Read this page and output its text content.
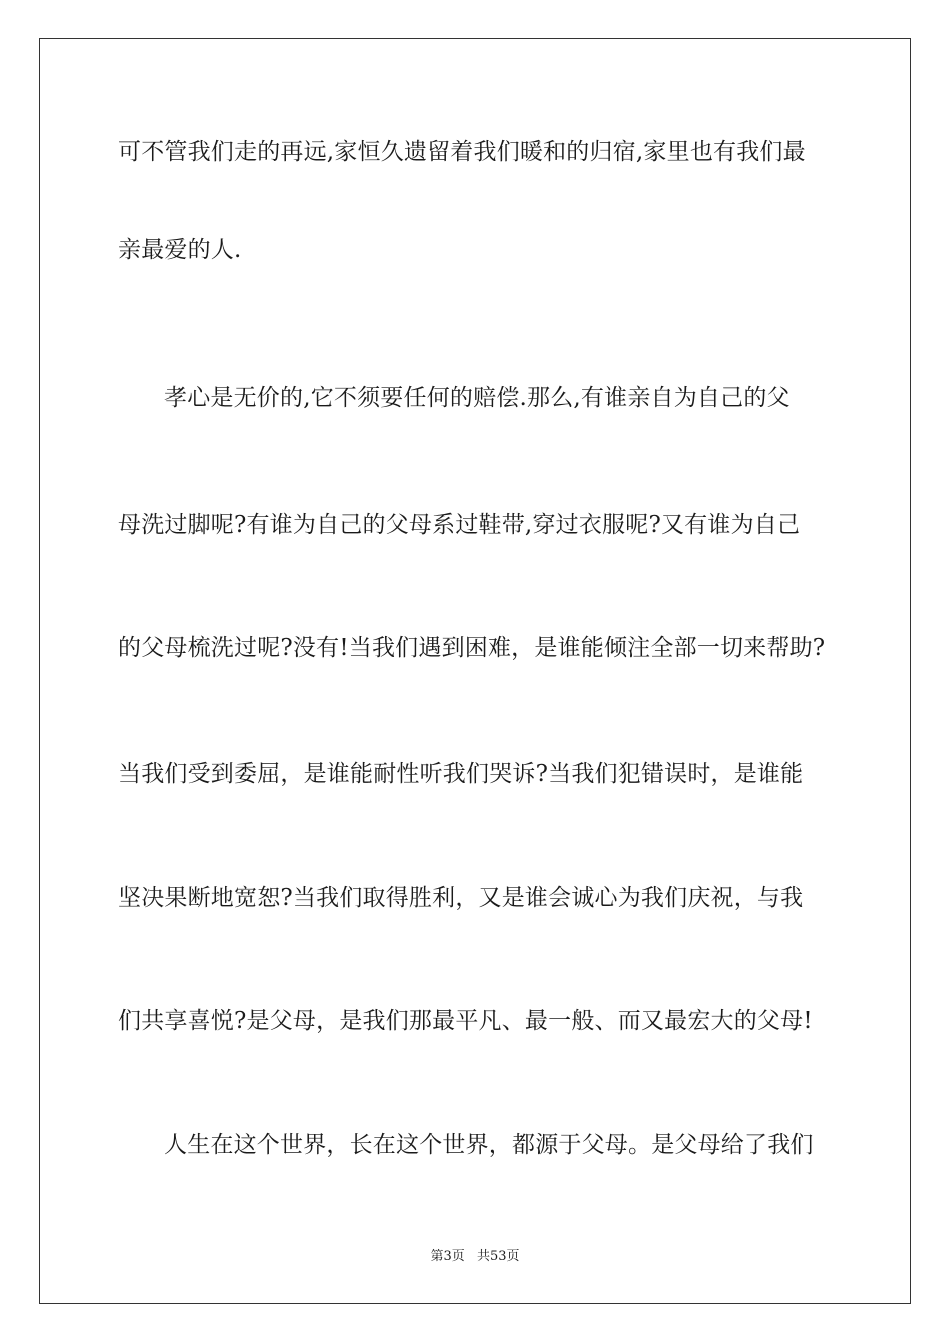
可不管我们走的再远,家恒久遗留着我们暖和的归宿,家里也有我们最
亲最爱的人.
孝心是无价的,它不须要任何的赔偿.那么,有谁亲自为自己的父
母洗过脚呢?有谁为自己的父母系过鞋带,穿过衣服呢?又有谁为自己
的父母梳洗过呢?没有!当我们遇到困难，是谁能倾注全部一切来帮助?
当我们受到委屈，是谁能耐性听我们哭诉?当我们犯错误时，是谁能
坚决果断地宽恕?当我们取得胜利，又是谁会诚心为我们庆祝，与我
们共享喜悦?是父母，是我们那最平凡、最一般、而又最宏大的父母!
人生在这个世界，长在这个世界，都源于父母。是父母给了我们
第3页 共53页
